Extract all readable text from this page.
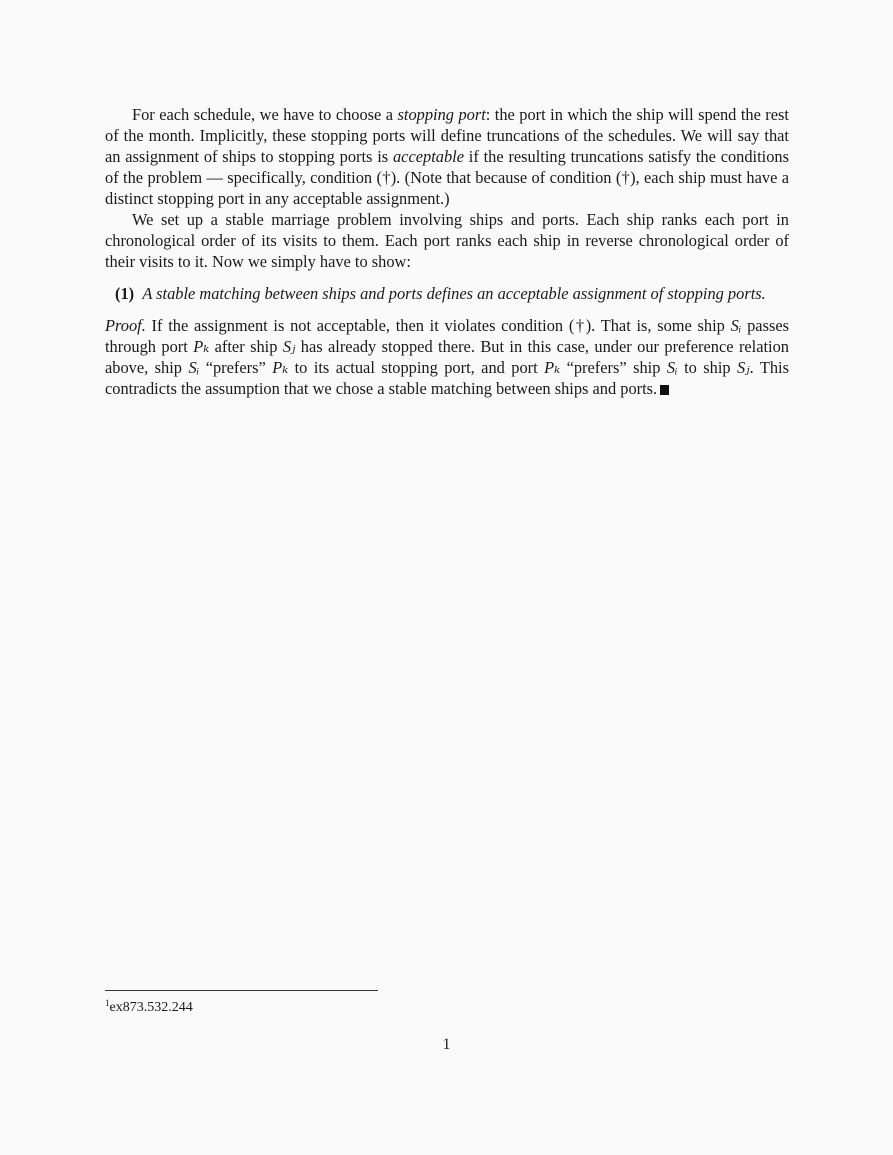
For each schedule, we have to choose a stopping port: the port in which the ship will spend the rest of the month. Implicitly, these stopping ports will define truncations of the schedules. We will say that an assignment of ships to stopping ports is acceptable if the resulting truncations satisfy the conditions of the problem — specifically, condition (†). (Note that because of condition (†), each ship must have a distinct stopping port in any acceptable assignment.)

We set up a stable marriage problem involving ships and ports. Each ship ranks each port in chronological order of its visits to them. Each port ranks each ship in reverse chronological order of their visits to it. Now we simply have to show:

(1) A stable matching between ships and ports defines an acceptable assignment of stopping ports.

Proof. If the assignment is not acceptable, then it violates condition (†). That is, some ship Sᵢ passes through port Pₖ after ship Sⱼ has already stopped there. But in this case, under our preference relation above, ship Sᵢ “prefers” Pₖ to its actual stopping port, and port Pₖ “prefers” ship Sᵢ to ship Sⱼ. This contradicts the assumption that we chose a stable matching between ships and ports.

$^1$ex873.532.244
1
